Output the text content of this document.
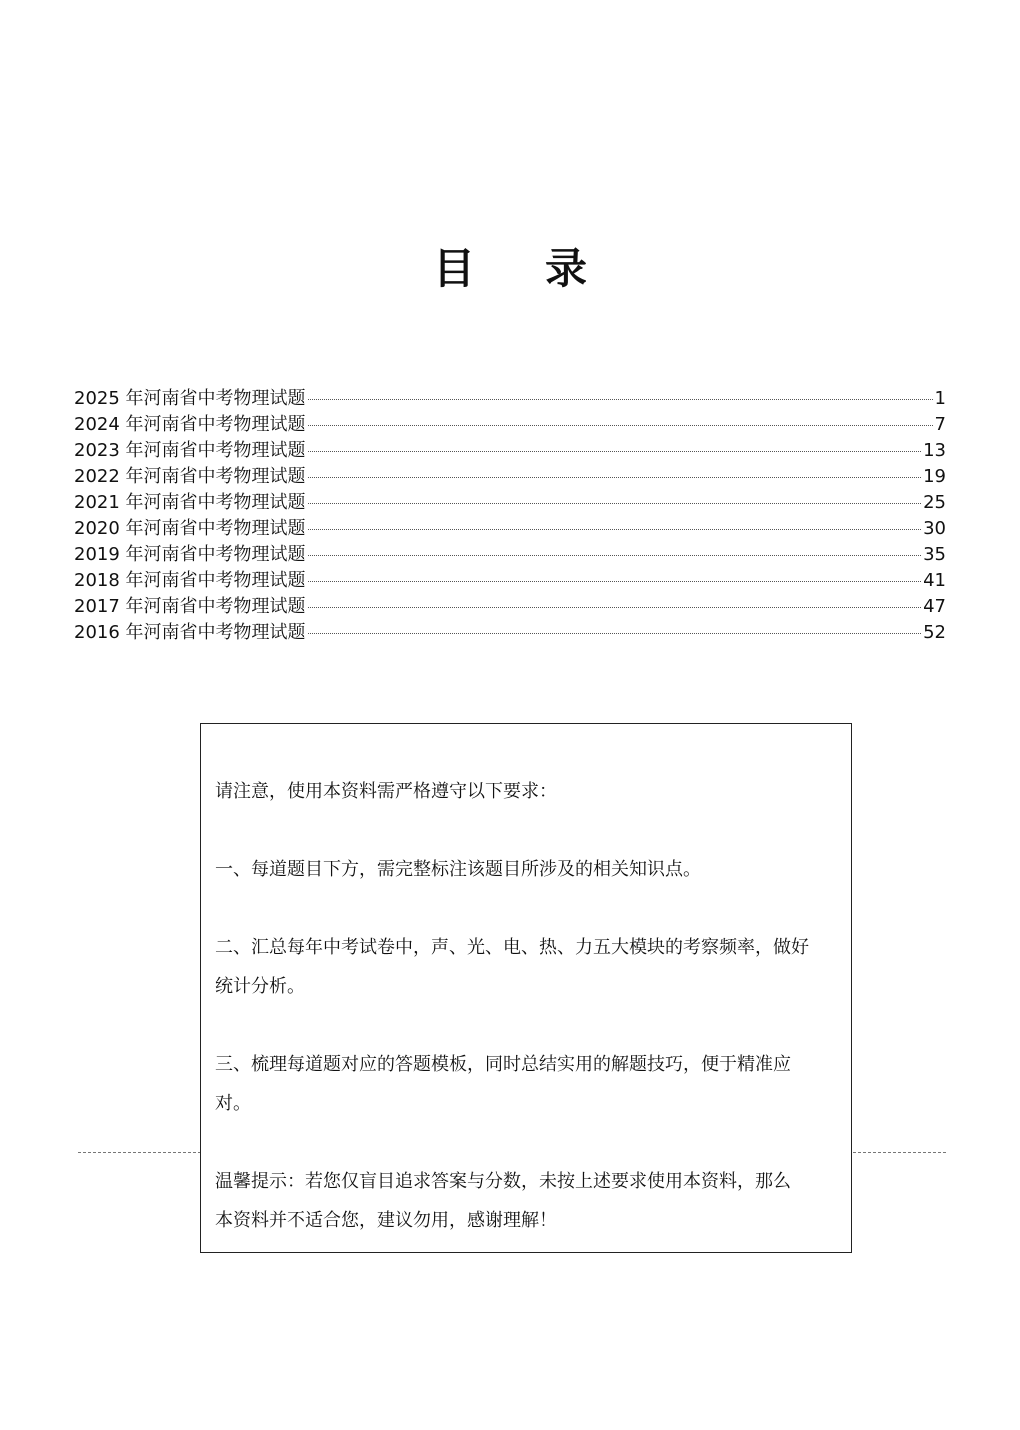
目 录
2025 年河南省中考物理试题	1
2024 年河南省中考物理试题	7
2023 年河南省中考物理试题	13
2022 年河南省中考物理试题	19
2021 年河南省中考物理试题	25
2020 年河南省中考物理试题	30
2019 年河南省中考物理试题	35
2018 年河南省中考物理试题	41
2017 年河南省中考物理试题	47
2016 年河南省中考物理试题	52

请注意，使用本资料需严格遵守以下要求：

一、每道题目下方，需完整标注该题目所涉及的相关知识点。

二、汇总每年中考试卷中，声、光、电、热、力五大模块的考察频率，做好

统计分析。

三、梳理每道题对应的答题模板，同时总结实用的解题技巧，便于精准应

对。

温馨提示：若您仅盲目追求答案与分数，未按上述要求使用本资料，那么

本资料并不适合您，建议勿用，感谢理解！
